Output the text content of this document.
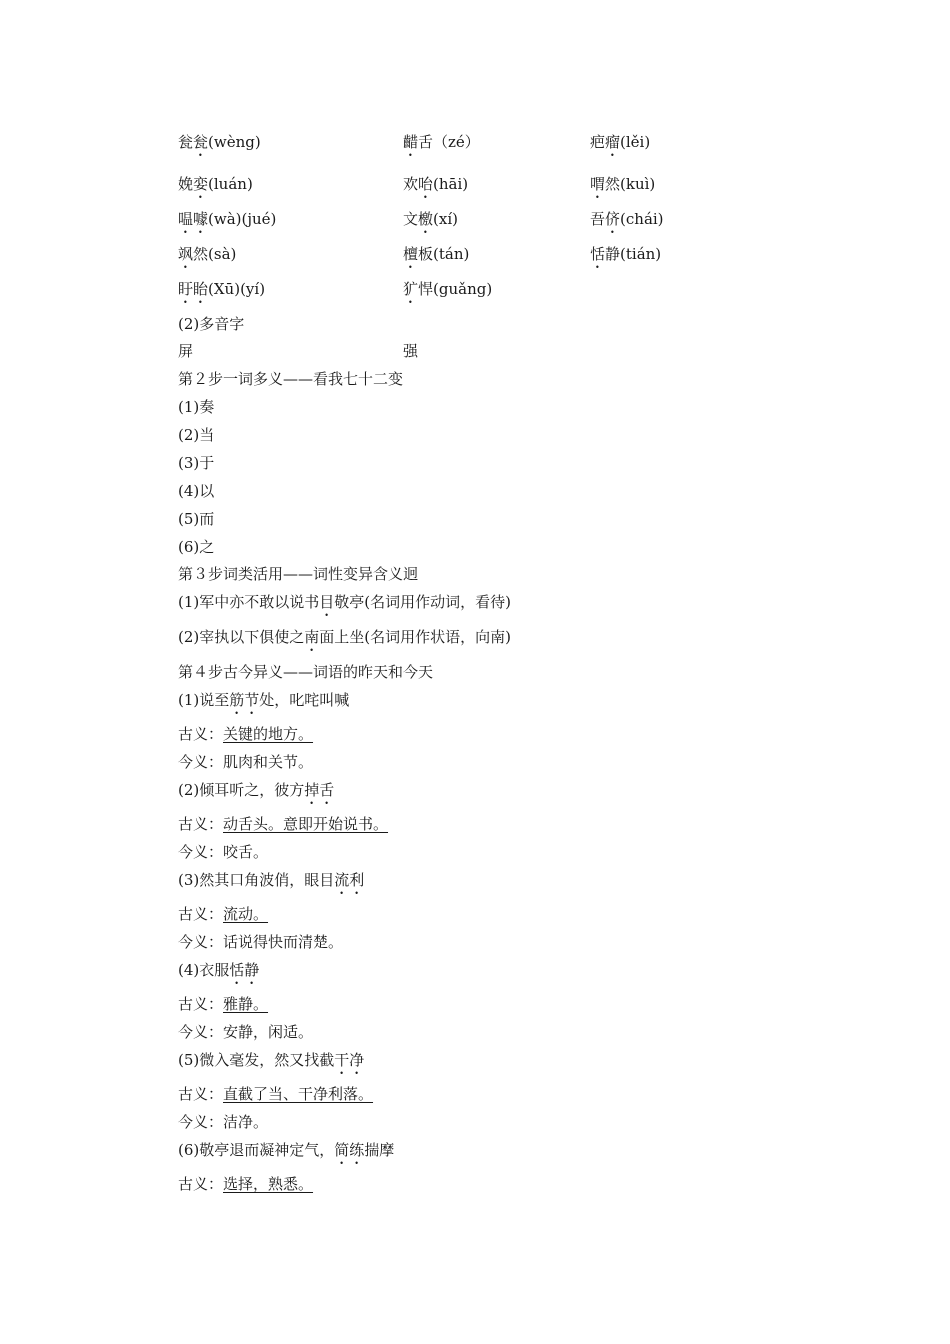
瓮瓮(wèng)	齰舌（zé）	疤瘤(lěi)
娩娈(luán)	欢咍(hāi)	喟然(kuì)
嗢噱(wà)(jué)	文檄(xí)	吾侪(chái)
飒然(sà)	檀板(tán)	恬静(tián)
盱眙(Xū)(yí)	犷悍(guǎng)
(2)多音字
屏	强
第２步一词多义——看我七十二变
(1)奏
(2)当
(3)于
(4)以
(5)而
(6)之
第３步词类活用——词性变异含义迥
(1)军中亦不敢以说书目敬亭(名词用作动词，看待)
(2)宰执以下俱使之南面上坐(名词用作状语，向南)
第４步古今异义——词语的昨天和今天
(1)说至筋节处，叱咤叫喊
古义：关键的地方。
今义：肌肉和关节。
(2)倾耳听之，彼方掉舌
古义：动舌头。意即开始说书。
今义：咬舌。
(3)然其口角波俏，眼目流利
古义：流动。
今义：话说得快而清楚。
(4)衣服恬静
古义：雅静。
今义：安静，闲适。
(5)微入毫发，然又找截干净
古义：直截了当、干净利落。
今义：洁净。
(6)敬亭退而凝神定气，简练揣摩
古义：选择，熟悉。
